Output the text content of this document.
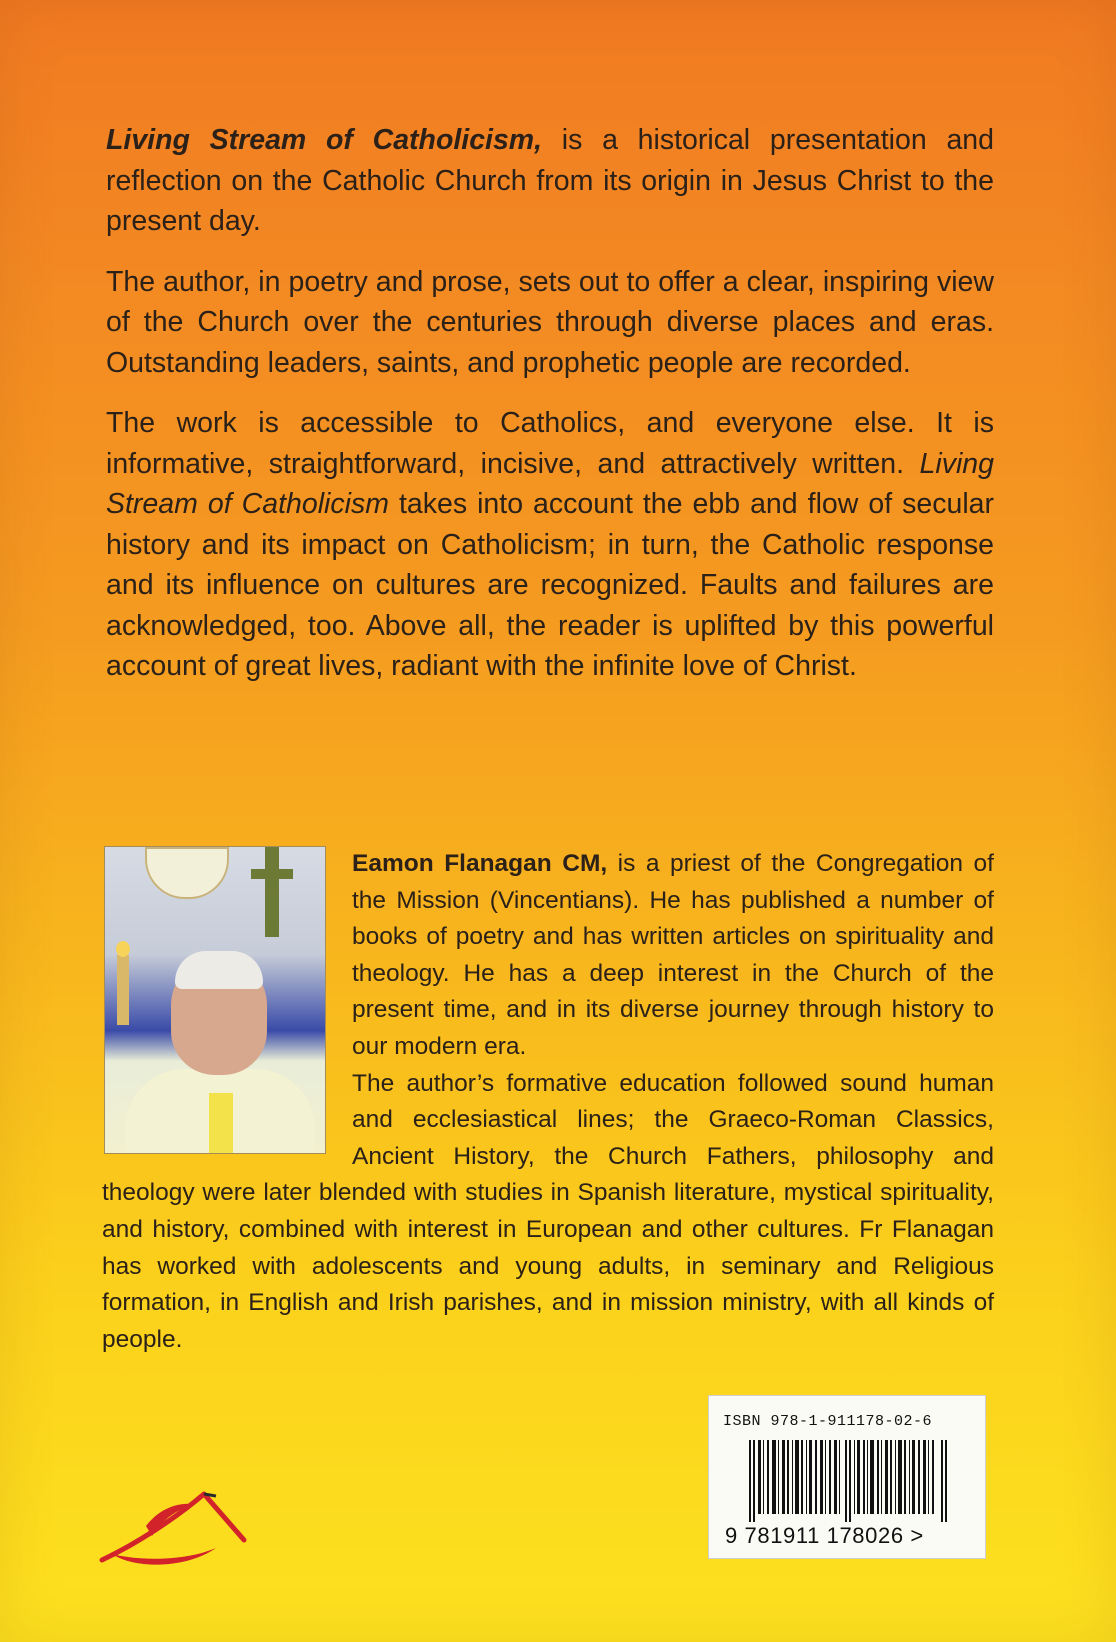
Living Stream of Catholicism, is a historical presentation and reflection on the Catholic Church from its origin in Jesus Christ to the present day.

The author, in poetry and prose, sets out to offer a clear, inspiring view of the Church over the centuries through diverse places and eras. Outstanding leaders, saints, and prophetic people are recorded.

The work is accessible to Catholics, and everyone else. It is informative, straightforward, incisive, and attractively written. Living Stream of Catholicism takes into account the ebb and flow of secular history and its impact on Catholicism; in turn, the Catholic response and its influence on cultures are recognized. Faults and failures are acknowledged, too. Above all, the reader is uplifted by this powerful account of great lives, radiant with the infinite love of Christ.

Eamon Flanagan CM, is a priest of the Congregation of the Mission (Vincentians). He has published a number of books of poetry and has written articles on spirituality and theology. He has a deep interest in the Church of the present time, and in its diverse journey through history to our modern era.

The author’s formative education followed sound human and ecclesiastical lines; the Graeco-Roman Classics, Ancient History, the Church Fathers, philosophy and theology were later blended with studies in Spanish literature, mystical spirituality, and history, combined with interest in European and other cultures. Fr Flanagan has worked with adolescents and young adults, in seminary and Religious formation, in English and Irish parishes, and in mission ministry, with all kinds of people.

ISBN 978-1-911178-02-6
9 781911 178026 >
